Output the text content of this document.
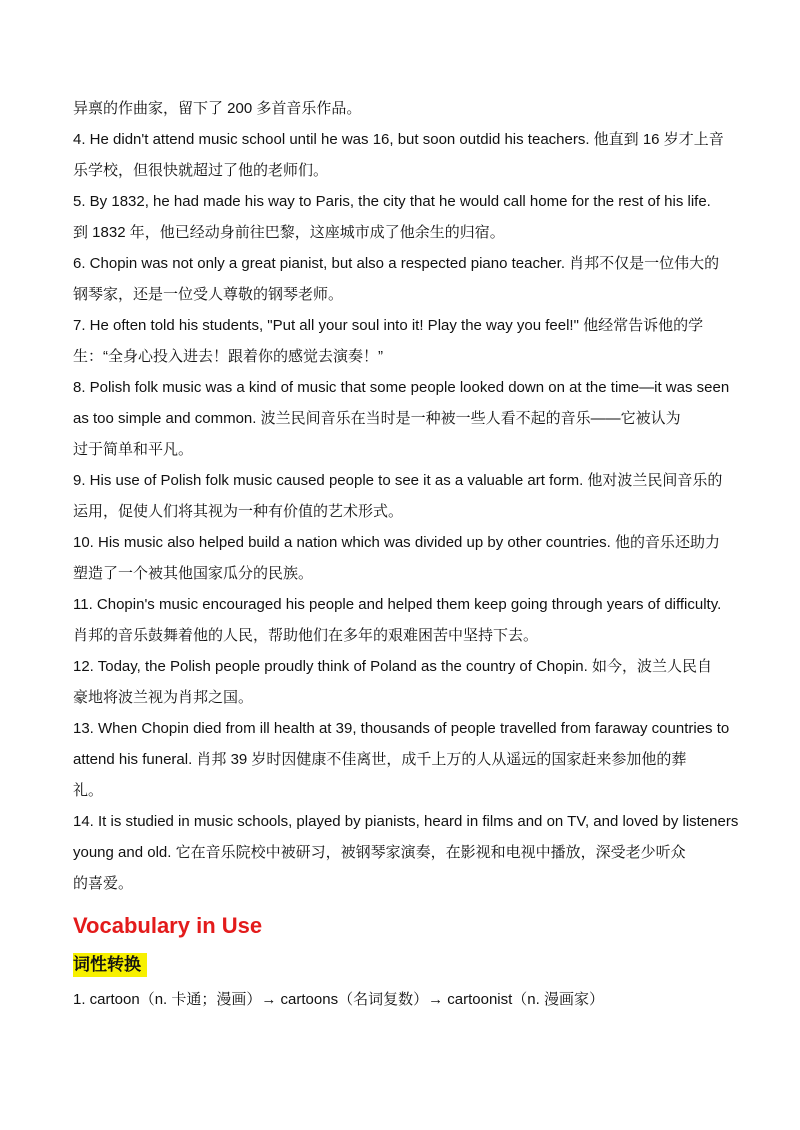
异禀的作曲家，留下了 200 多首音乐作品。
4. He didn't attend music school until he was 16, but soon outdid his teachers. 他直到 16 岁才上音
乐学校，但很快就超过了他的老师们。
5. By 1832, he had made his way to Paris, the city that he would call home for the rest of his life.
到 1832 年，他已经动身前往巴黎，这座城市成了他余生的归宿。
6. Chopin was not only a great pianist, but also a respected piano teacher. 肖邦不仅是一位伟大的
钢琴家，还是一位受人尊敬的钢琴老师。
7. He often told his students, "Put all your soul into it! Play the way you feel!" 他经常告诉他的学
生：“全身心投入进去！跟着你的感觉去演奏！”
8. Polish folk music was a kind of music that some people looked down on at the time—it was seen
as too simple and common. 波兰民间音乐在当时是一种被一些人看不起的音乐——它被认为
过于简单和平凡。
9. His use of Polish folk music caused people to see it as a valuable art form. 他对波兰民间音乐的
运用，促使人们将其视为一种有价值的艺术形式。
10. His music also helped build a nation which was divided up by other countries. 他的音乐还助力
塑造了一个被其他国家瓜分的民族。
11. Chopin's music encouraged his people and helped them keep going through years of difficulty.
肖邦的音乐鼓舞着他的人民，帮助他们在多年的艰难困苦中坚持下去。
12. Today, the Polish people proudly think of Poland as the country of Chopin. 如今，波兰人民自
豪地将波兰视为肖邦之国。
13. When Chopin died from ill health at 39, thousands of people travelled from faraway countries to
attend his funeral. 肖邦 39 岁时因健康不佳离世，成千上万的人从遥远的国家赶来参加他的葬
礼。
14. It is studied in music schools, played by pianists, heard in films and on TV, and loved by listeners
young and old. 它在音乐院校中被研习，被钢琴家演奏，在影视和电视中播放，深受老少听众
的喜爱。
Vocabulary in Use
词性转换
1. cartoon（n. 卡通；漫画）→ cartoons（名词复数）→ cartoonist（n. 漫画家）
